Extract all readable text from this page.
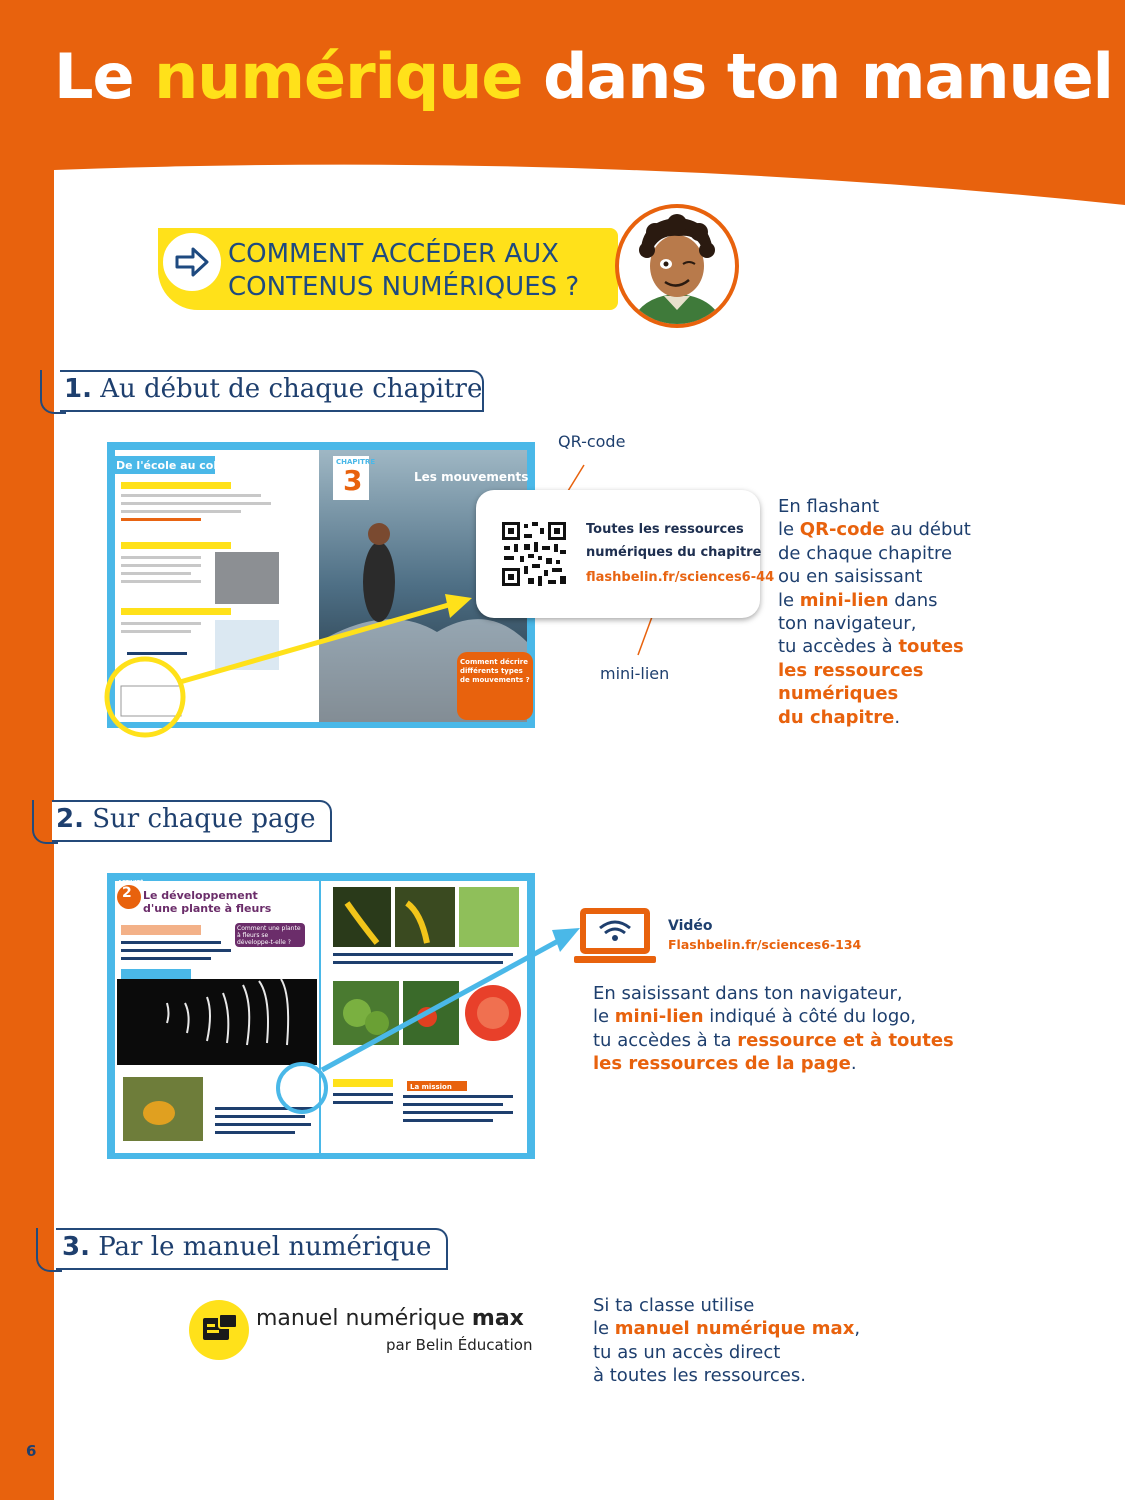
Le numérique dans ton manuel
COMMENT ACCÉDER AUX
CONTENUS NUMÉRIQUES ?
1. Au début de chaque chapitre
De l'école au collège	CHAPITRE
3	Les mouvements
Comment décrire différents types de mouvements ?
QR-code
mini-lien
Toutes les ressources
numériques du chapitre
flashbelin.fr/sciences6-44
En flashant
le QR-code au début
de chaque chapitre
ou en saisissant
le mini-lien dans
ton navigateur,
tu accèdes à toutes
les ressources
numériques
du chapitre.
2. Sur chaque page
ACTIVITÉ
2 Le développement
d'une plante à fleurs
Comment une plante à fleurs se développe-t-elle ?
La mission
Vidéo
Flashbelin.fr/sciences6-134
En saisissant dans ton navigateur,
le mini-lien indiqué à côté du logo,
tu accèdes à ta ressource et à toutes
les ressources de la page.
3. Par le manuel numérique
manuel numérique max
par Belin Éducation
Si ta classe utilise
le manuel numérique max,
tu as un accès direct
à toutes les ressources.
6
